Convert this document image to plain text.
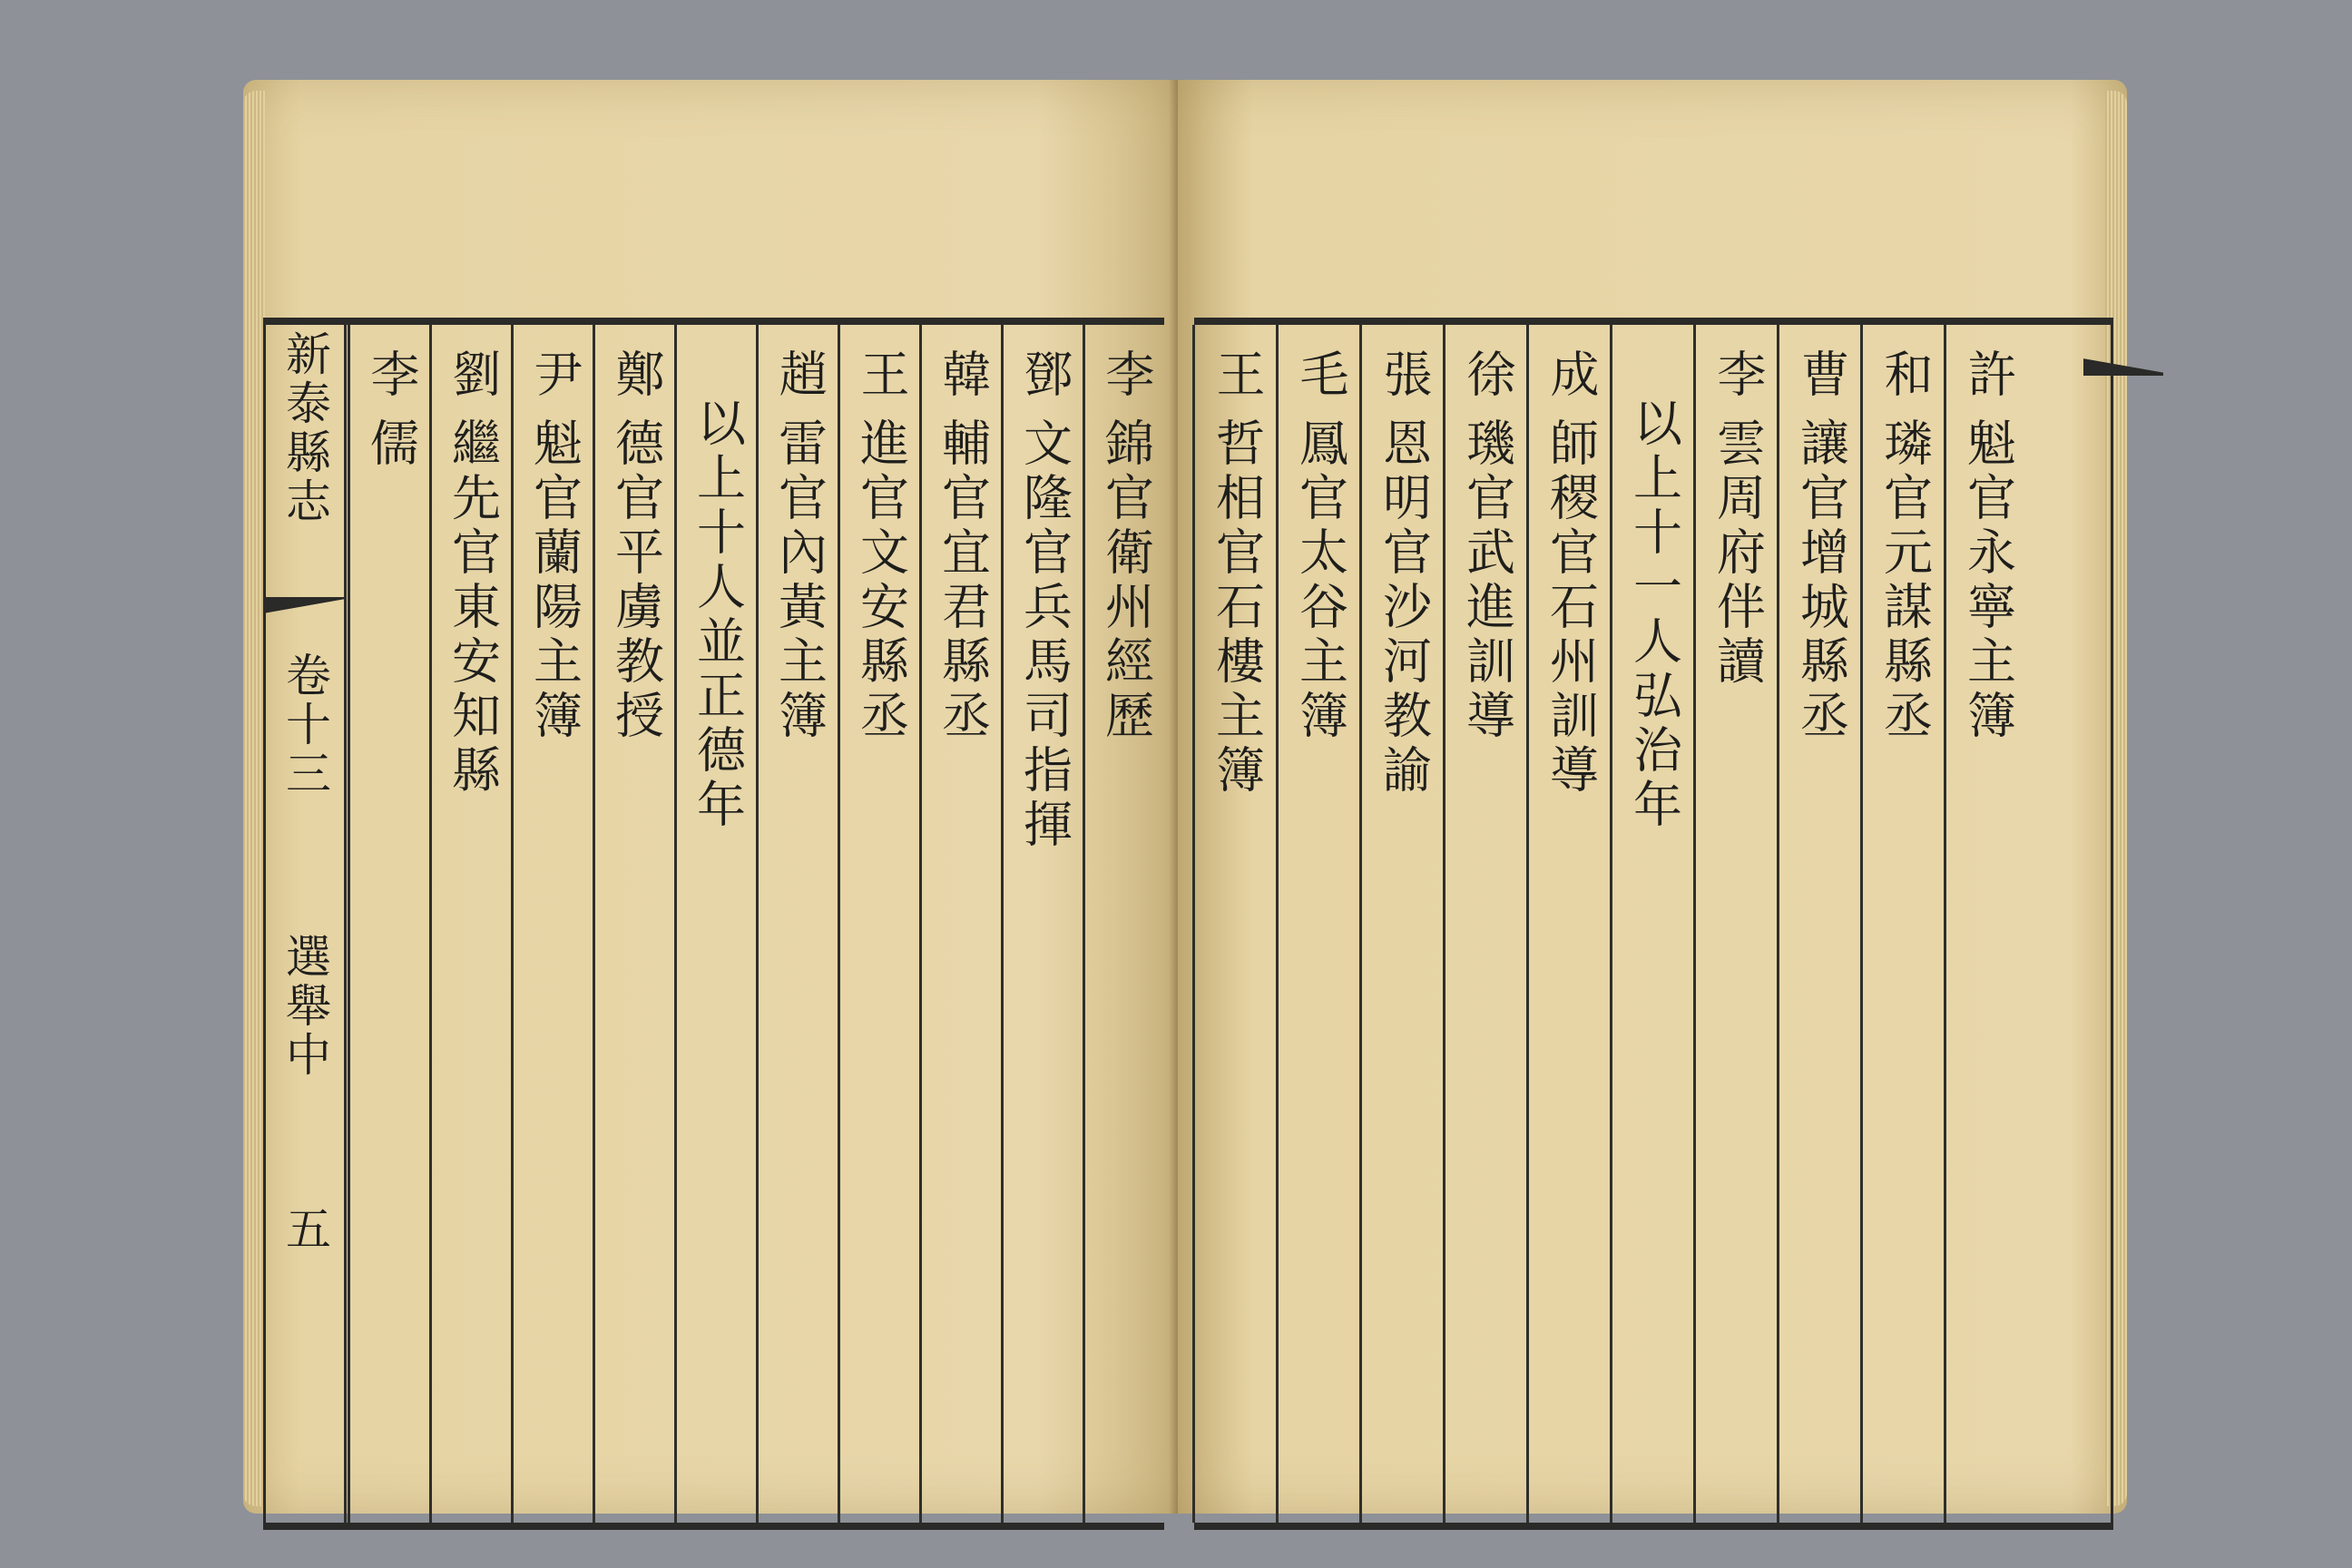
新泰縣志
卷十三
選舉中
五
李
錦官衛州經歷
鄧
文隆官兵馬司指揮
韓
輔官宜君縣丞
王
進官文安縣丞
趙
雷官內黃主簿
以上十人並正德年
鄭
德官平虜教授
尹
魁官蘭陽主簿
劉
繼先官東安知縣
李
儒
許
魁官永寧主簿
和
璘官元謀縣丞
曹
讓官增城縣丞
李
雲周府伴讀
以上十一人弘治年
成
師稷官石州訓導
徐
璣官武進訓導
張
恩明官沙河教諭
毛
鳳官太谷主簿
王
哲相官石樓主簿
